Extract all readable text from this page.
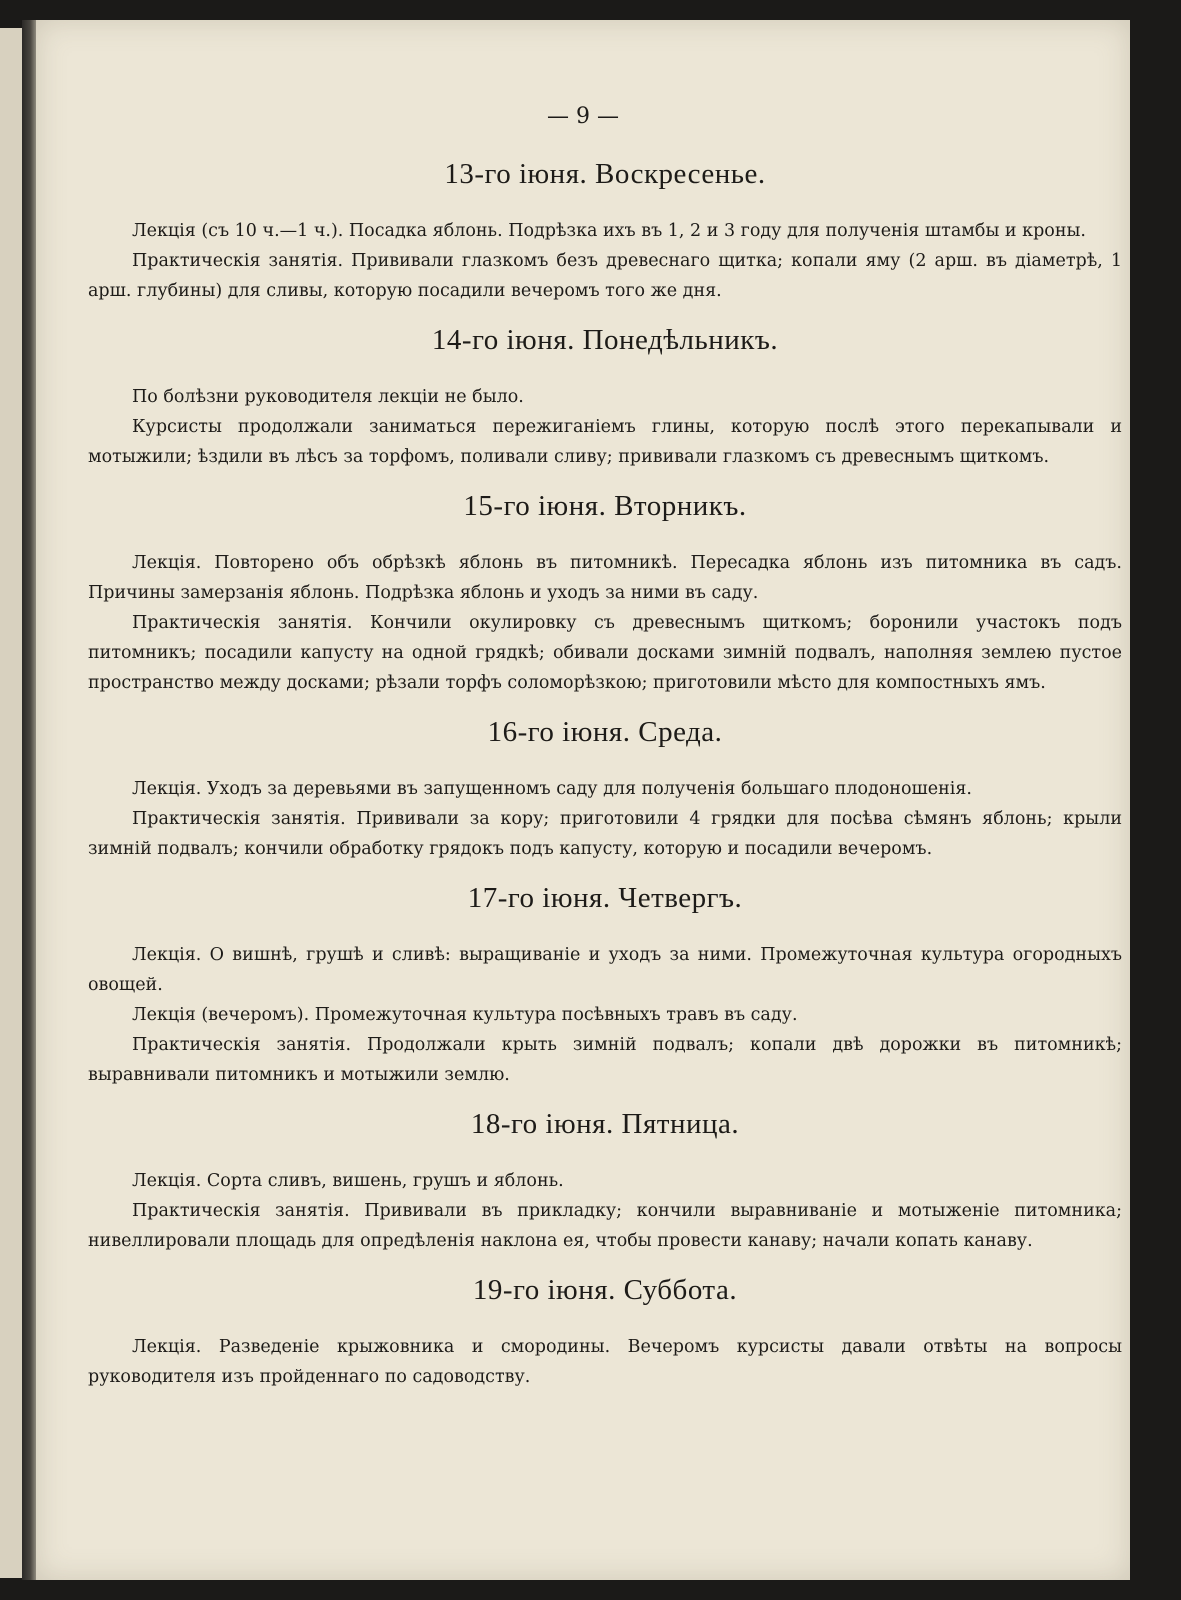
— 9 —
13-го іюня. Воскресенье.

Лекція (съ 10 ч.—1 ч.). Посадка яблонь. Подрѣзка ихъ въ 1, 2 и 3 году для полученія штамбы и кроны.

Практическія занятія. Прививали глазкомъ безъ древеснаго щитка; копали яму (2 арш. въ діаметрѣ, 1 арш. глубины) для сливы, которую посадили вечеромъ того же дня.

14-го іюня. Понедѣльникъ.

По болѣзни руководителя лекціи не было.

Курсисты продолжали заниматься пережиганіемъ глины, которую послѣ этого перекапывали и мотыжили; ѣздили въ лѣсъ за торфомъ, поливали сливу; прививали глазкомъ съ древеснымъ щиткомъ.

15-го іюня. Вторникъ.

Лекція. Повторено объ обрѣзкѣ яблонь въ питомникѣ. Пересадка яблонь изъ питомника въ садъ. Причины замерзанія яблонь. Подрѣзка яблонь и уходъ за ними въ саду.

Практическія занятія. Кончили окулировку съ древеснымъ щиткомъ; боронили участокъ подъ питомникъ; посадили капусту на одной грядкѣ; обивали досками зимній подвалъ, наполняя землею пустое пространство между досками; рѣзали торфъ соломорѣзкою; приготовили мѣсто для компостныхъ ямъ.

16-го іюня. Среда.

Лекція. Уходъ за деревьями въ запущенномъ саду для полученія большаго плодоношенія.

Практическія занятія. Прививали за кору; приготовили 4 грядки для посѣва сѣмянъ яблонь; крыли зимній подвалъ; кончили обработку грядокъ подъ капусту, которую и посадили вечеромъ.

17-го іюня. Четвергъ.

Лекція. О вишнѣ, грушѣ и сливѣ: выращиваніе и уходъ за ними. Промежуточная культура огородныхъ овощей.

Лекція (вечеромъ). Промежуточная культура посѣвныхъ травъ въ саду.

Практическія занятія. Продолжали крыть зимній подвалъ; копали двѣ дорожки въ питомникѣ; выравнивали питомникъ и мотыжили землю.

18-го іюня. Пятница.

Лекція. Сорта сливъ, вишень, грушъ и яблонь.

Практическія занятія. Прививали въ прикладку; кончили выравниваніе и мотыженіе питомника; нивеллировали площадь для опредѣленія наклона ея, чтобы провести канаву; начали копать канаву.

19-го іюня. Суббота.

Лекція. Разведеніе крыжовника и смородины. Вечеромъ курсисты давали отвѣты на вопросы руководителя изъ пройденнаго по садоводству.
